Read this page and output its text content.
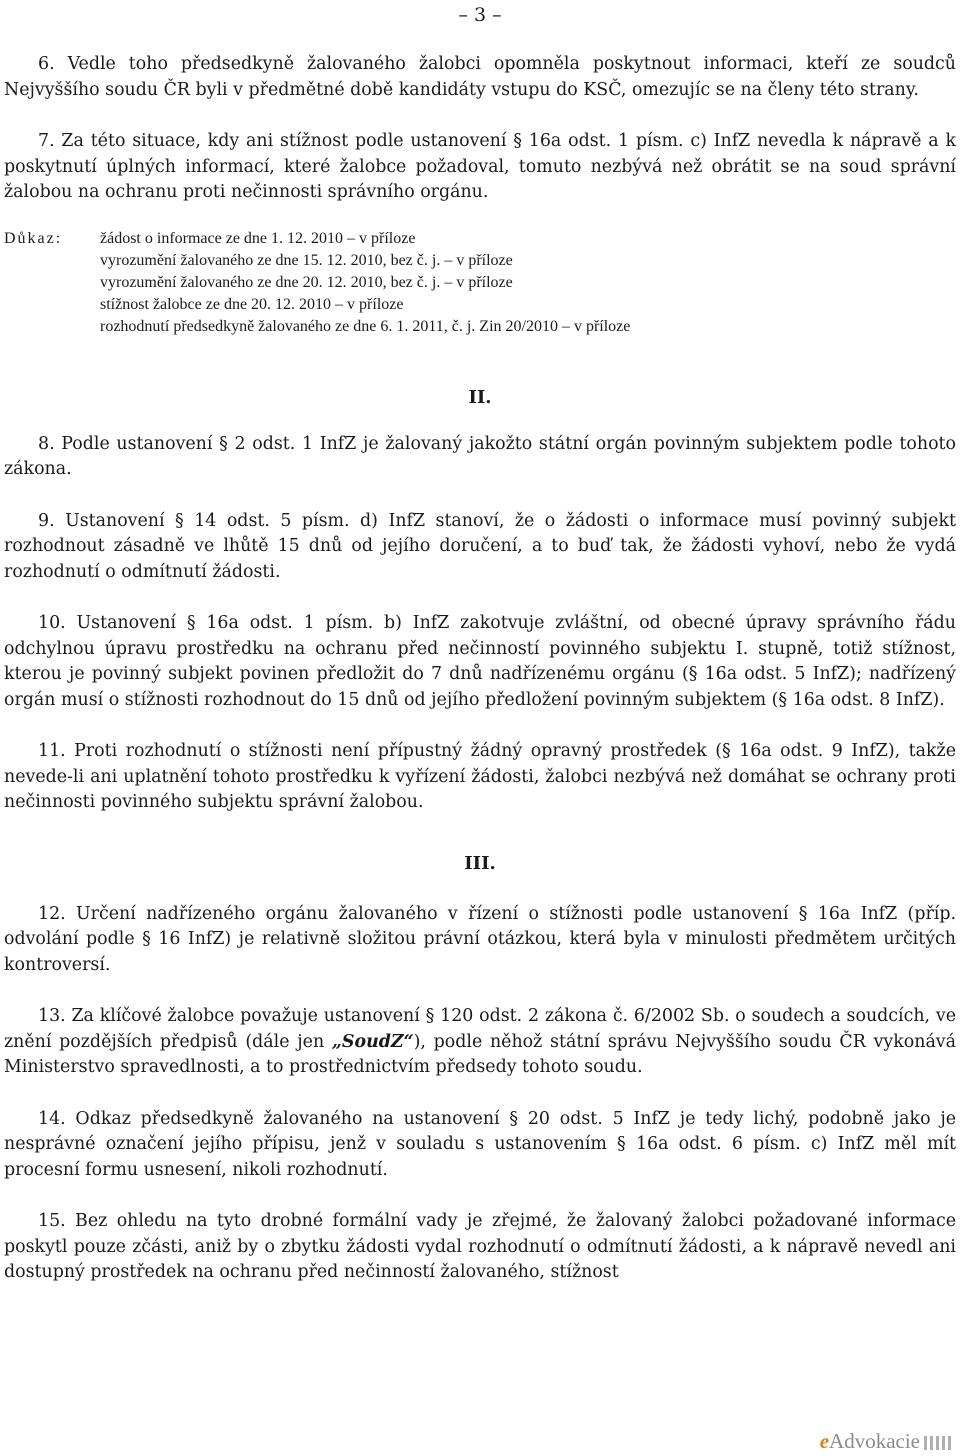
– 3 –

6. Vedle toho předsedkyně žalovaného žalobci opomněla poskytnout informaci, kteří ze soudců Nejvyššího soudu ČR byli v předmětné době kandidáty vstupu do KSČ, omezujíc se na členy této strany.

7. Za této situace, kdy ani stížnost podle ustanovení § 16a odst. 1 písm. c) InfZ nevedla k nápravě a k poskytnutí úplných informací, které žalobce požadoval, tomuto nezbývá než obrátit se na soud správní žalobou na ochranu proti nečinnosti správního orgánu.

Důkaz:	žádost o informace ze dne 1. 12. 2010 – v příloze
vyrozumění žalovaného ze dne 15. 12. 2010, bez č. j. – v příloze
vyrozumění žalovaného ze dne 20. 12. 2010, bez č. j. – v příloze
stížnost žalobce ze dne 20. 12. 2010 – v příloze
rozhodnutí předsedkyně žalovaného ze dne 6. 1. 2011, č. j. Zin 20/2010 – v příloze
II.

8. Podle ustanovení § 2 odst. 1 InfZ je žalovaný jakožto státní orgán povinným subjektem podle tohoto zákona.

9. Ustanovení § 14 odst. 5 písm. d) InfZ stanoví, že o žádosti o informace musí povinný subjekt rozhodnout zásadně ve lhůtě 15 dnů od jejího doručení, a to buď tak, že žádosti vyhoví, nebo že vydá rozhodnutí o odmítnutí žádosti.

10. Ustanovení § 16a odst. 1 písm. b) InfZ zakotvuje zvláštní, od obecné úpravy správního řádu odchylnou úpravu prostředku na ochranu před nečinností povinného subjektu I. stupně, totiž stížnost, kterou je povinný subjekt povinen předložit do 7 dnů nadřízenému orgánu (§ 16a odst. 5 InfZ); nadřízený orgán musí o stížnosti rozhodnout do 15 dnů od jejího předložení povinným subjektem (§ 16a odst. 8 InfZ).

11. Proti rozhodnutí o stížnosti není přípustný žádný opravný prostředek (§ 16a odst. 9 InfZ), takže nevede-li ani uplatnění tohoto prostředku k vyřízení žádosti, žalobci nezbývá než domáhat se ochrany proti nečinnosti povinného subjektu správní žalobou.

III.

12. Určení nadřízeného orgánu žalovaného v řízení o stížnosti podle ustanovení § 16a InfZ (příp. odvolání podle § 16 InfZ) je relativně složitou právní otázkou, která byla v minulosti předmětem určitých kontroversí.

13. Za klíčové žalobce považuje ustanovení § 120 odst. 2 zákona č. 6/2002 Sb. o soudech a soudcích, ve znění pozdějších předpisů (dále jen „SoudZ“), podle něhož státní správu Nejvyššího soudu ČR vykonává Ministerstvo spravedlnosti, a to prostřednictvím předsedy tohoto soudu.

14. Odkaz předsedkyně žalovaného na ustanovení § 20 odst. 5 InfZ je tedy lichý, podobně jako je nesprávné označení jejího přípisu, jenž v souladu s ustanovením § 16a odst. 6 písm. c) InfZ měl mít procesní formu usnesení, nikoli rozhodnutí.

15. Bez ohledu na tyto drobné formální vady je zřejmé, že žalovaný žalobci požadované informace poskytl pouze zčásti, aniž by o zbytku žádosti vydal rozhodnutí o odmítnutí žádosti, a k nápravě nevedl ani dostupný prostředek na ochranu před nečinností žalovaného, stížnost

eAdvokacie
